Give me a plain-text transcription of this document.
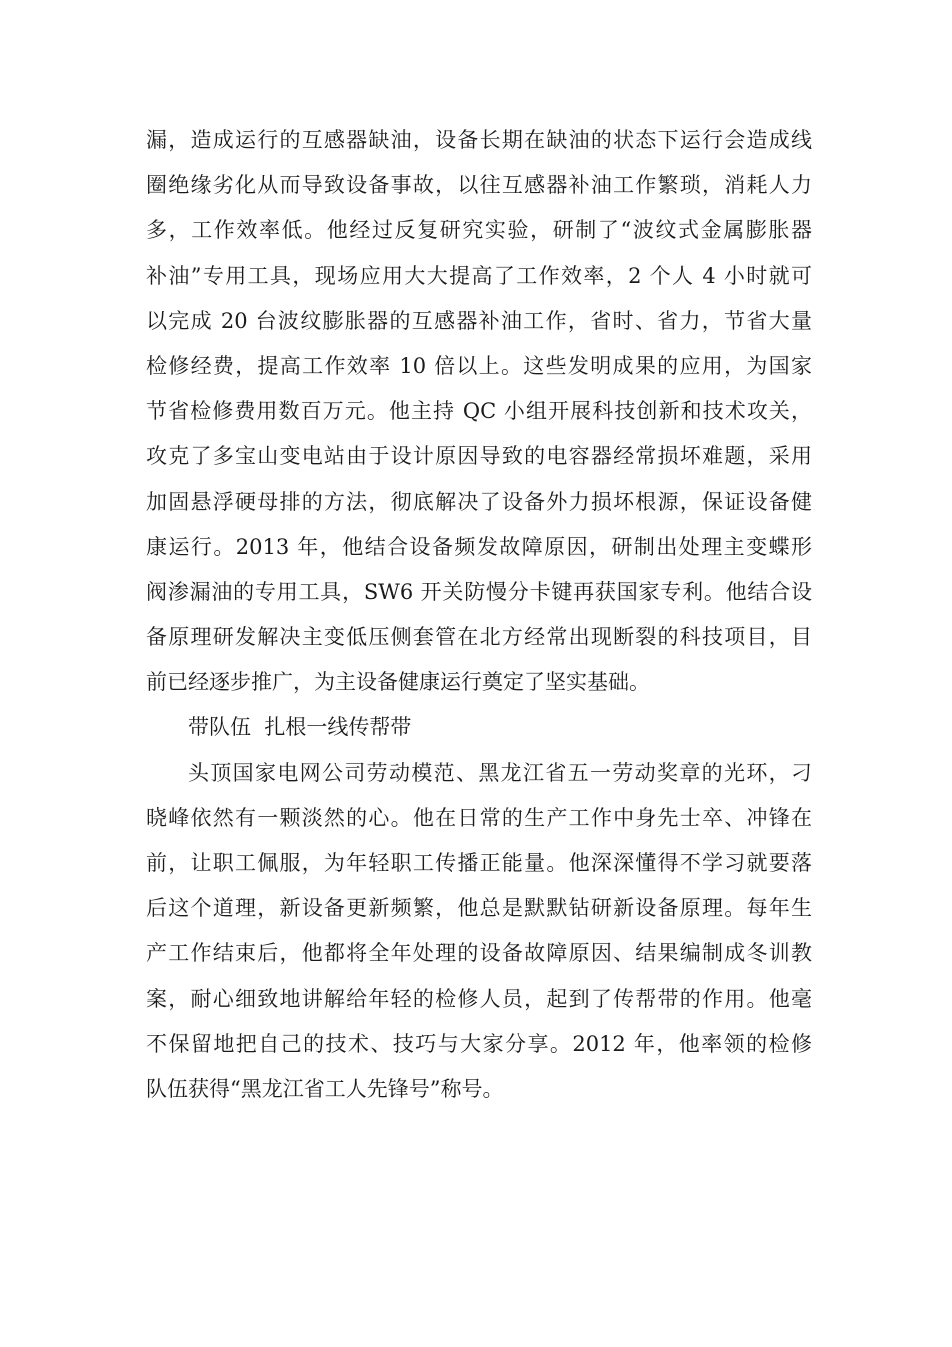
漏，造成运行的互感器缺油，设备长期在缺油的状态下运行会造成线
圈绝缘劣化从而导致设备事故，以往互感器补油工作繁琐，消耗人力
多，工作效率低。他经过反复研究实验，研制了“波纹式金属膨胀器
补油”专用工具，现场应用大大提高了工作效率，2 个人 4 小时就可
以完成 20 台波纹膨胀器的互感器补油工作，省时、省力，节省大量
检修经费，提高工作效率 10 倍以上。这些发明成果的应用，为国家
节省检修费用数百万元。他主持 QC 小组开展科技创新和技术攻关，
攻克了多宝山变电站由于设计原因导致的电容器经常损坏难题，采用
加固悬浮硬母排的方法，彻底解决了设备外力损坏根源，保证设备健
康运行。2013 年，他结合设备频发故障原因，研制出处理主变蝶形
阀渗漏油的专用工具，SW6 开关防慢分卡键再获国家专利。他结合设
备原理研发解决主变低压侧套管在北方经常出现断裂的科技项目，目
前已经逐步推广，为主设备健康运行奠定了坚实基础。
带队伍  扎根一线传帮带
头顶国家电网公司劳动模范、黑龙江省五一劳动奖章的光环，刁
晓峰依然有一颗淡然的心。他在日常的生产工作中身先士卒、冲锋在
前，让职工佩服，为年轻职工传播正能量。他深深懂得不学习就要落
后这个道理，新设备更新频繁，他总是默默钻研新设备原理。每年生
产工作结束后，他都将全年处理的设备故障原因、结果编制成冬训教
案，耐心细致地讲解给年轻的检修人员，起到了传帮带的作用。他毫
不保留地把自己的技术、技巧与大家分享。2012 年，他率领的检修
队伍获得“黑龙江省工人先锋号”称号。
